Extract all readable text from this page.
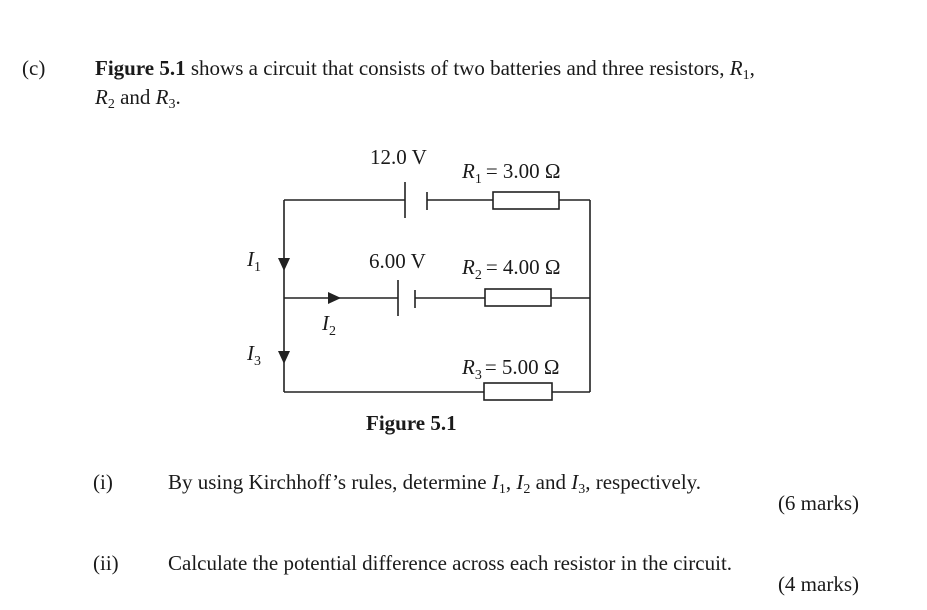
(c) Figure 5.1 shows a circuit that consists of two batteries and three resistors, $R_1$,
$R_2$ and $R_3$.
12.0 V
6.00 V
$R_1 = 3.00$ Ω
$R_2 = 4.00$ Ω
$R_3 = 5.00$ Ω
$I_1$
$I_3$
$I_2$
Figure 5.1
(i)	By using Kirchhoff’s rules, determine $I_1$, $I_2$ and $I_3$, respectively.
(6 marks)
(ii) Calculate the potential difference across each resistor in the circuit.
(4 marks)
